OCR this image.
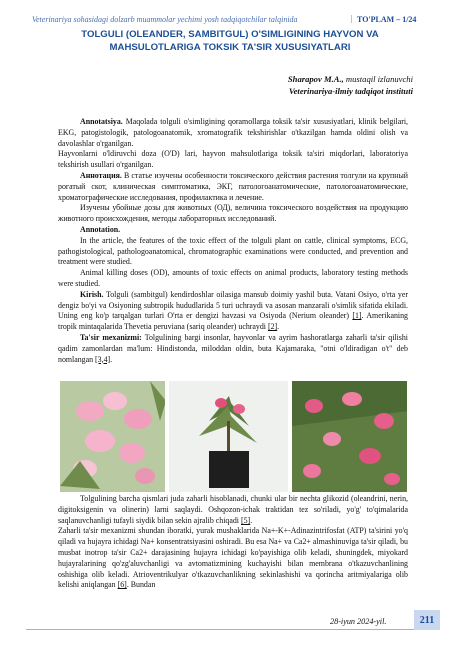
Veterinariya sohasidagi dolzarb muammolar yechimi yosh tadqiqotchilar talqinida	| TO'PLAM – 1/24
TOLGULI (OLEANDER, SAMBITGUL) O'SIMLIGINING HAYVON VA MAHSULOTLARIGA TOKSIK TA'SIR XUSUSIYATLARI
Sharapov M.A., mustaqil izlanuvchi
Veterinariya-ilmiy tadqiqot instituti

Annotatsiya. Maqolada tolguli o'simligining qoramollarga toksik ta'sir xususiyatlari, klinik belgilari, EKG, patogistologik, patologoanatomik, xromatografik tekshirishlar o'tkazilgan hamda oldini olish va davolashlar o'rganilgan.

Hayvonlarni o'ldiruvchi doza (O'D) lari, hayvon mahsulotlariga toksik ta'siri miqdorlari, laboratoriya tekshirish usullari o'rganilgan.

Аннотация. В статье изучены особенности токсического действия растения толгули на крупный рогатый скот, клиническая симптоматика, ЭКГ, патологоанатомические, патологоанатомические, хроматографические исследования, профилактика и лечение.

Изучены убойные дозы для животных (ОД), величина токсического воздействия на продукцию животного происхождения, методы лабораторных исследований.

Annotation.

In the article, the features of the toxic effect of the tolguli plant on cattle, clinical symptoms, ECG, pathogistological, pathologoanatomical, chromatographic examinations were conducted, and prevention and treatment were studied.

Animal killing doses (OD), amounts of toxic effects on animal products, laboratory testing methods were studied.

Kirish. Tolguli (sambitgul) kendirdoshlar oilasiga mansub doimiy yashil buta. Vatani Osiyo, o'rta yer dengiz bo'yi va Osiyoning subtropik hududlarida 5 turi uchraydi va asosan manzarali o'simlik sifatida ekiladi. Uning eng ko'p tarqalgan turlari O'rta er dengizi havzasi va Osiyoda (Nerium oleander) [1]. Amerikaning tropik mintaqalarida Thevetia peruviana (sariq oleander) uchraydi [2].

Ta'sir mexanizmi: Tolgulining bargi insonlar, hayvonlar va ayrim hashoratlarga zaharli ta'sir qilishi qadim zamonlardan ma'lum: Hindistonda, miloddan oldin, buta Kajamaraka, "otni o'ldiradigan o't" deb nomlangan [3,4].

Tolgulining barcha qismlari juda zaharli hisoblanadi, chunki ular bir nechta glikozid (oleandrini, nerin, digitoksigenin va olinerin) larni saqlaydi. Oshqozon-ichak traktidan tez so'riladi, yo'g' to'qimalarida saqlanuvchanligi tufayli siydik bilan sekin ajralib chiqadi [5].

Zaharli ta'sir mexanizmi shundan iboratki, yurak mushaklarida Na+-K+-Adinazintrifosfat (ATP) ta'sirini yo'q qiladi va hujayra ichidagi Na+ konsentratsiyasini oshiradi. Bu esa Na+ va Ca2+ almashinuviga ta'sir qiladi, bu musbat inotrop ta'sir Ca2+ darajasining hujayra ichidagi ko'payishiga olib keladi, shuningdek, miyokard hujayralarining qo'zg'aluvchanligi va avtomatizmining kuchayishi bilan membrana o'tkazuvchanlining oshishiga olib keladi. Atrioventrikulyar o'tkazuvchanlikning sekinlashishi va qorincha aritmiyalariga olib kelishi aniqlangan [6]. Bundan

28-iyun 2024-yil.	211
